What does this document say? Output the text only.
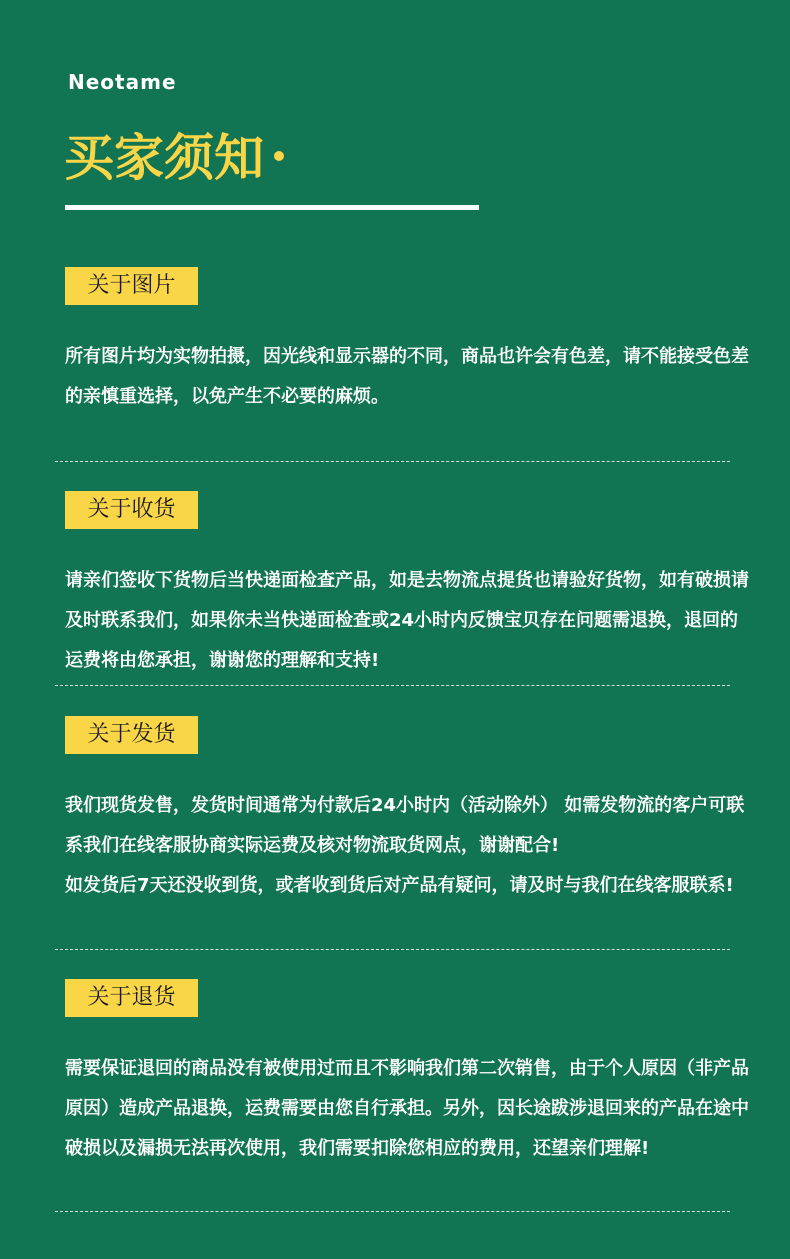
Neotame
买家须知
关于图片

所有图片均为实物拍摄，因光线和显示器的不同，商品也许会有色差，请不能接受色差的亲慎重选择，以免产生不必要的麻烦。

关于收货

请亲们签收下货物后当快递面检查产品，如是去物流点提货也请验好货物，如有破损请及时联系我们，如果你未当快递面检查或24小时内反馈宝贝存在问题需退换，退回的运费将由您承担，谢谢您的理解和支持!

关于发货

我们现货发售，发货时间通常为付款后24小时内（活动除外） 如需发物流的客户可联系我们在线客服协商实际运费及核对物流取货网点，谢谢配合!

如发货后7天还没收到货，或者收到货后对产品有疑问，请及时与我们在线客服联系!

关于退货

需要保证退回的商品没有被使用过而且不影响我们第二次销售，由于个人原因（非产品原因）造成产品退换，运费需要由您自行承担。另外，因长途跋涉退回来的产品在途中破损以及漏损无法再次使用，我们需要扣除您相应的费用，还望亲们理解!
